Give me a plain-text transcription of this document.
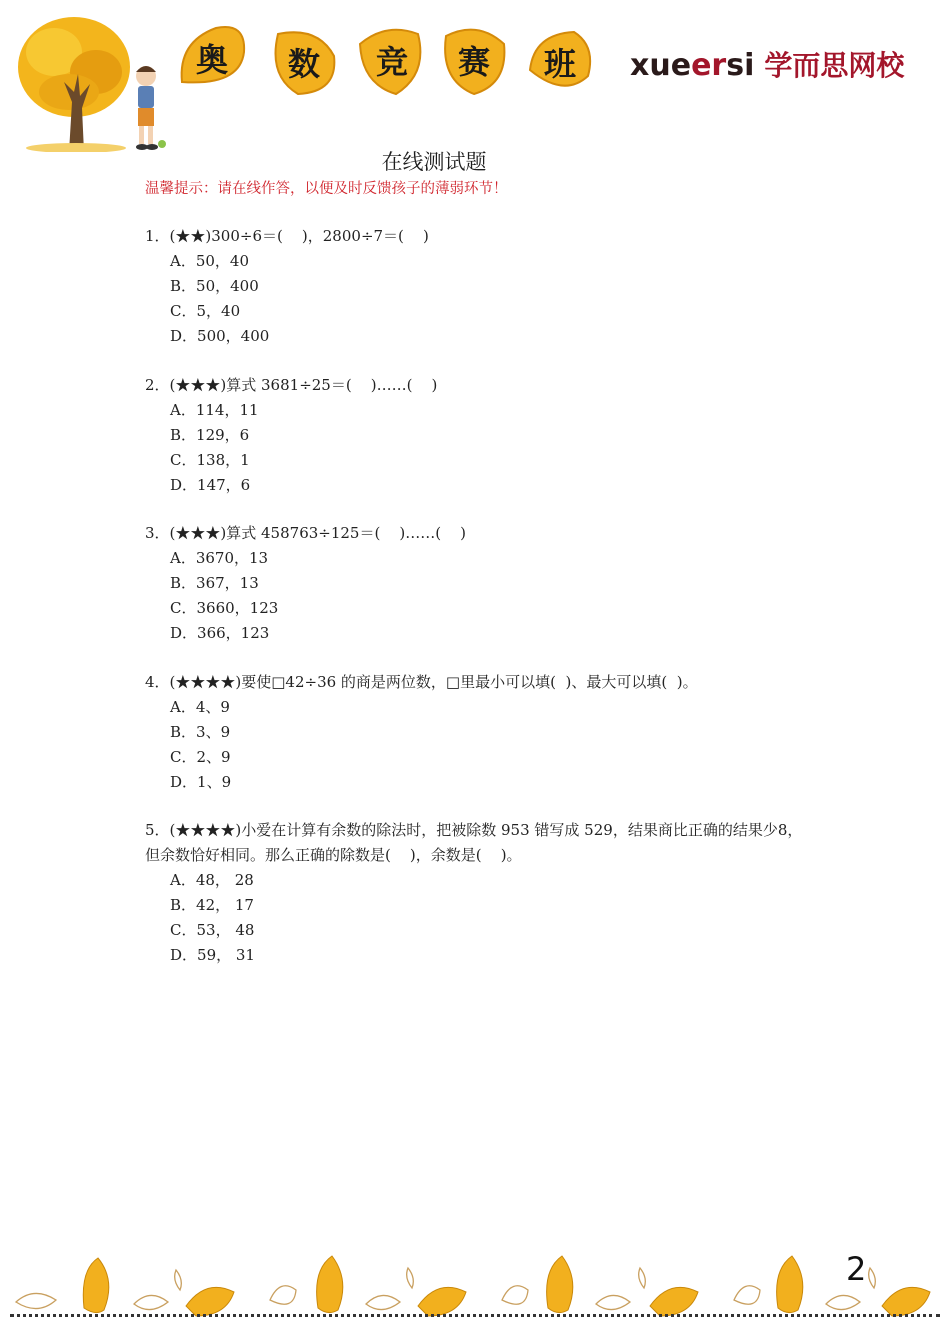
奥	数	竞	赛	班	xueersi 学而思网校
在线测试题
温馨提示：请在线作答，以便及时反馈孩子的薄弱环节！
1．(★★)300÷6＝(    )，2800÷7＝(    )
A．50，40
B．50，400
C．5，40
D．500，400
2．(★★★)算式 3681÷25＝(    )……(    )
A．114，11
B．129，6
C．138，1
D．147，6
3．(★★★)算式 458763÷125＝(    )……(    )
A．3670，13
B．367，13
C．3660，123
D．366，123
4．(★★★★)要使□42÷36 的商是两位数，□里最小可以填(  )、最大可以填(  )。
A．4、9
B．3、9
C．2、9
D．1、9
5．(★★★★)小爱在计算有余数的除法时，把被除数 953 错写成 529，结果商比正确的结果少8，但余数恰好相同。那么正确的除数是(    )，余数是(    )。
A．48， 28
B．42， 17
C．53， 48
D．59， 31
2
